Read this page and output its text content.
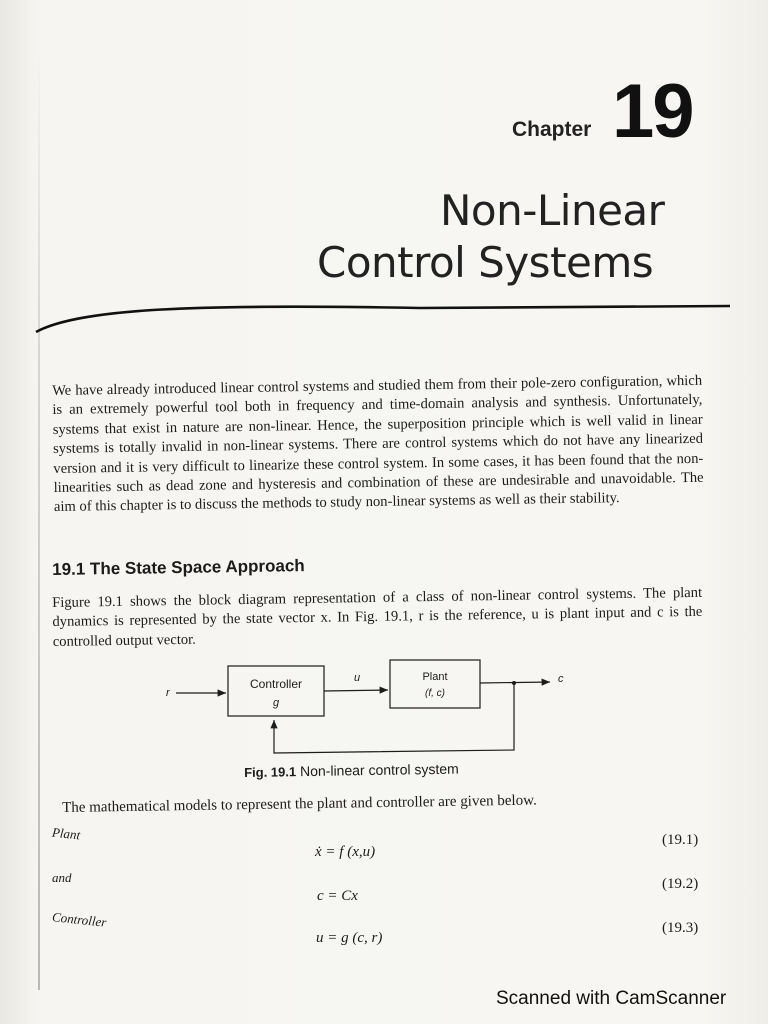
Chapter 19
Non-Linear
Control Systems
We have already introduced linear control systems and studied them from their pole-zero configuration, which is an extremely powerful tool both in frequency and time-domain analysis and synthesis. Unfortunately, systems that exist in nature are non-linear. Hence, the superposition principle which is well valid in linear systems is totally invalid in non-linear systems. There are control systems which do not have any linearized version and it is very difficult to linearize these control system. In some cases, it has been found that the non-linearities such as dead zone and hysteresis and combination of these are undesirable and unavoidable. The aim of this chapter is to discuss the methods to study non-linear systems as well as their stability.
19.1 The State Space Approach
Figure 19.1 shows the block diagram representation of a class of non-linear control systems. The plant dynamics is represented by the state vector x. In Fig. 19.1, r is the reference, u is plant input and c is the controlled output vector.
r
Controller
g
u	Plant
(f, c)
c
Fig. 19.1 Non-linear control system
The mathematical models to represent the plant and controller are given below.
Plant
ẋ = f (x,u)
(19.1)
and
c = Cx
(19.2)
Controller
u = g (c, r)
(19.3)
Scanned with CamScanner
